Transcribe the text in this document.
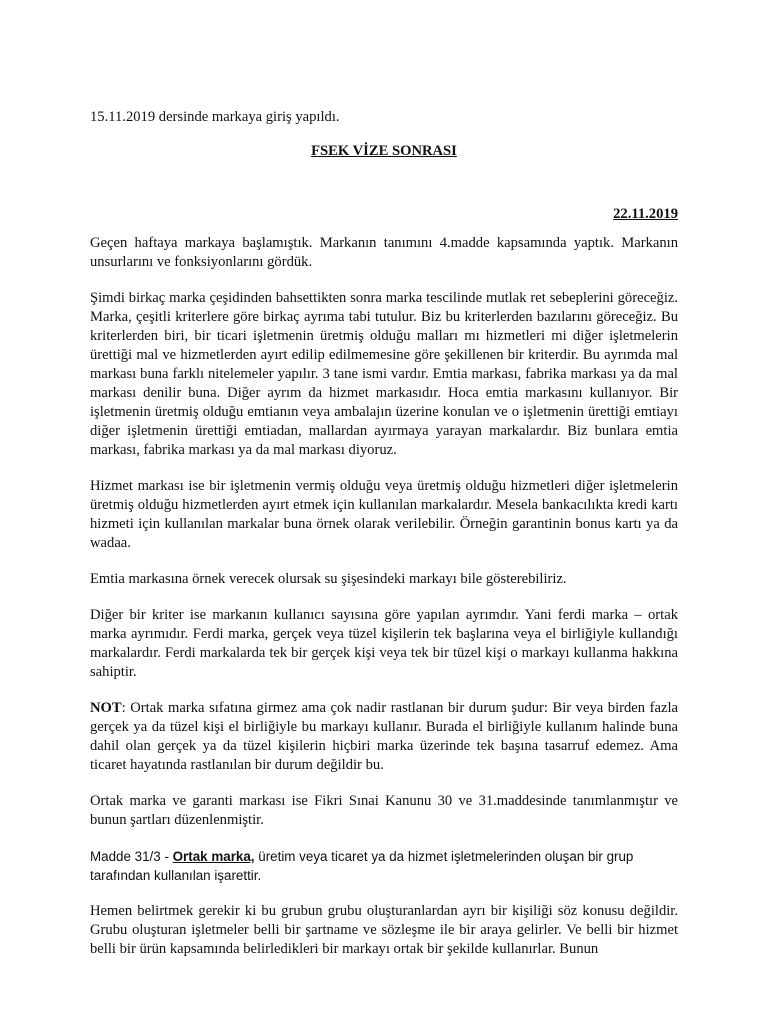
15.11.2019 dersinde markaya giriş yapıldı.

FSEK VİZE SONRASI

22.11.2019

Geçen haftaya markaya başlamıştık. Markanın tanımını 4.madde kapsamında yaptık. Markanın unsurlarını ve fonksiyonlarını gördük.

Şimdi birkaç marka çeşidinden bahsettikten sonra marka tescilinde mutlak ret sebeplerini göreceğiz. Marka, çeşitli kriterlere göre birkaç ayrıma tabi tutulur. Biz bu kriterlerden bazılarını göreceğiz. Bu kriterlerden biri, bir ticari işletmenin üretmiş olduğu malları mı hizmetleri mi diğer işletmelerin ürettiği mal ve hizmetlerden ayırt edilip edilmemesine göre şekillenen bir kriterdir. Bu ayrımda mal markası buna farklı nitelemeler yapılır. 3 tane ismi vardır. Emtia markası, fabrika markası ya da mal markası denilir buna. Diğer ayrım da hizmet markasıdır. Hoca emtia markasını kullanıyor. Bir işletmenin üretmiş olduğu emtianın veya ambalajın üzerine konulan ve o işletmenin ürettiği emtiayı diğer işletmenin ürettiği emtiadan, mallardan ayırmaya yarayan markalardır. Biz bunlara emtia markası, fabrika markası ya da mal markası diyoruz.

Hizmet markası ise bir işletmenin vermiş olduğu veya üretmiş olduğu hizmetleri diğer işletmelerin üretmiş olduğu hizmetlerden ayırt etmek için kullanılan markalardır. Mesela bankacılıkta kredi kartı hizmeti için kullanılan markalar buna örnek olarak verilebilir. Örneğin garantinin bonus kartı ya da wadaa.

Emtia markasına örnek verecek olursak su şişesindeki markayı bile gösterebiliriz.

Diğer bir kriter ise markanın kullanıcı sayısına göre yapılan ayrımdır. Yani ferdi marka – ortak marka ayrımıdır. Ferdi marka, gerçek veya tüzel kişilerin tek başlarına veya el birliğiyle kullandığı markalardır. Ferdi markalarda tek bir gerçek kişi veya tek bir tüzel kişi o markayı kullanma hakkına sahiptir.

NOT: Ortak marka sıfatına girmez ama çok nadir rastlanan bir durum şudur: Bir veya birden fazla gerçek ya da tüzel kişi el birliğiyle bu markayı kullanır. Burada el birliğiyle kullanım halinde buna dahil olan gerçek ya da tüzel kişilerin hiçbiri marka üzerinde tek başına tasarruf edemez. Ama ticaret hayatında rastlanılan bir durum değildir bu.

Ortak marka ve garanti markası ise Fikri Sınai Kanunu 30 ve 31.maddesinde tanımlanmıştır ve bunun şartları düzenlenmiştir.

Madde 31/3 - Ortak marka, üretim veya ticaret ya da hizmet işletmelerinden oluşan bir grup tarafından kullanılan işarettir.

Hemen belirtmek gerekir ki bu grubun grubu oluşturanlardan ayrı bir kişiliği söz konusu değildir. Grubu oluşturan işletmeler belli bir şartname ve sözleşme ile bir araya gelirler. Ve belli bir hizmet belli bir ürün kapsamında belirledikleri bir markayı ortak bir şekilde kullanırlar. Bunun
